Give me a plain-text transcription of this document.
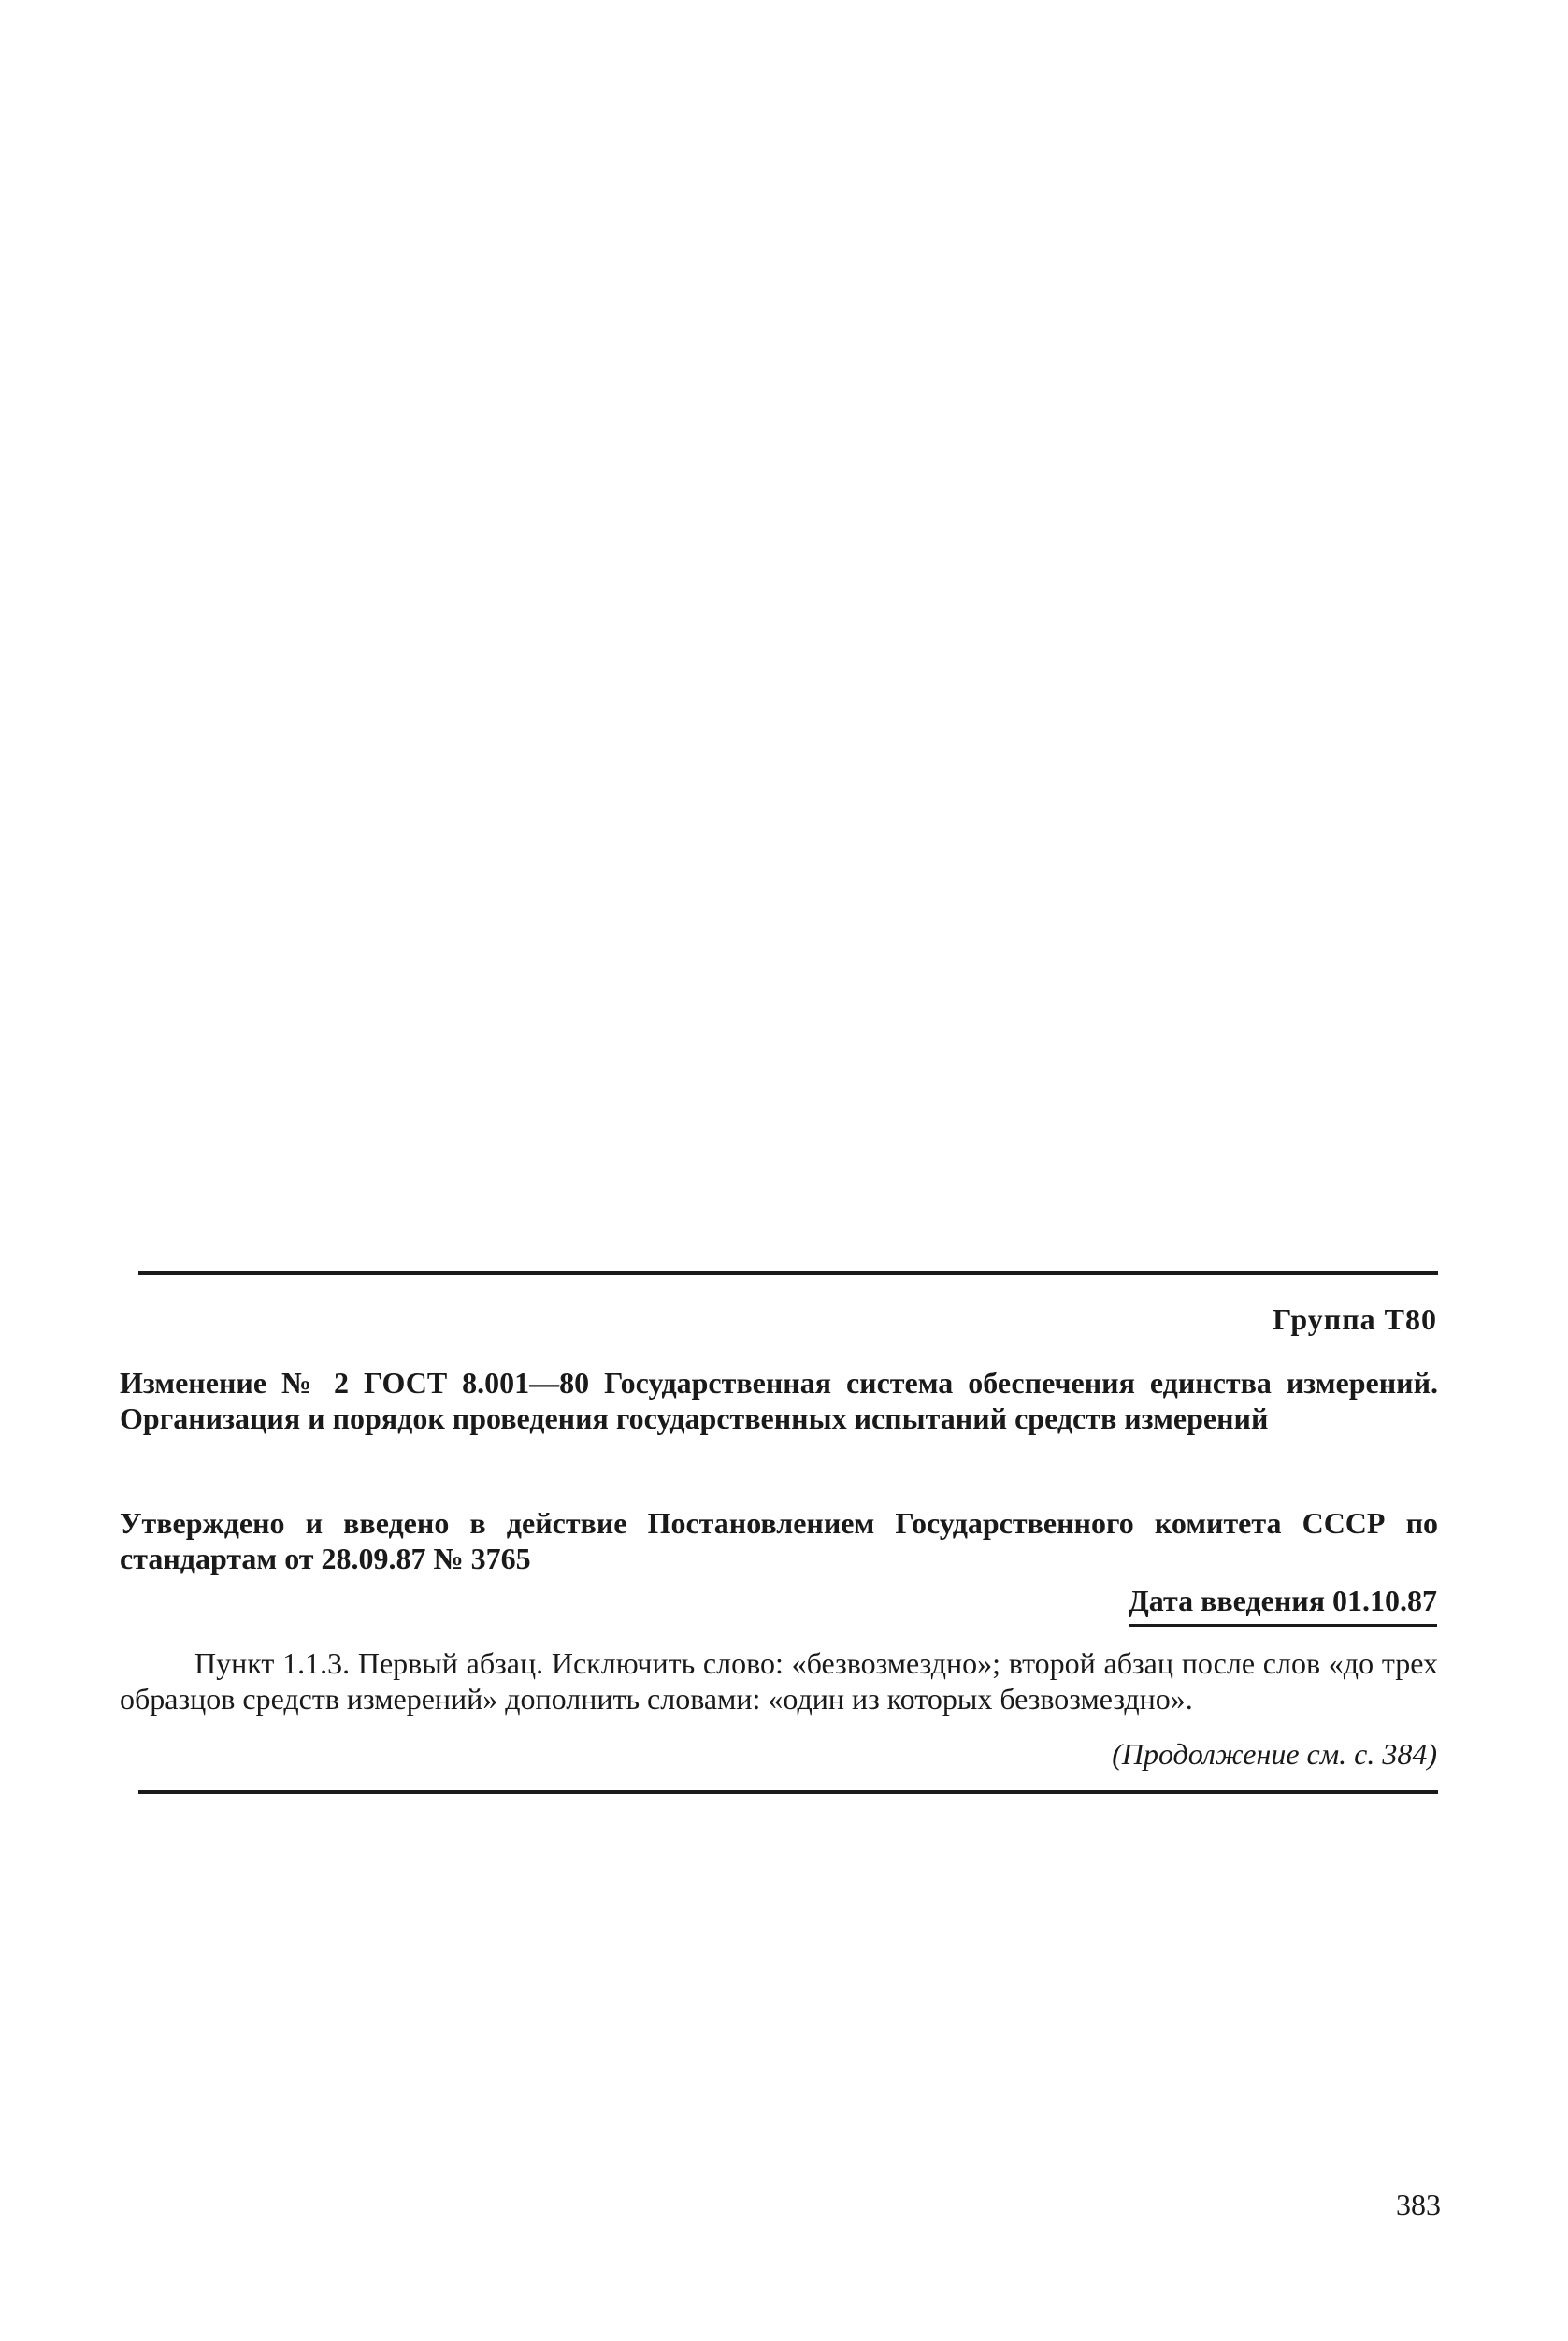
Группа Т80
Изменение № 2 ГОСТ 8.001—80 Государственная система обеспечения единства измерений. Организация и порядок проведения государственных испытаний средств измерений
Утверждено и введено в действие Постановлением Государственного комитета СССР по стандартам от 28.09.87 № 3765
Дата введения 01.10.87
Пункт 1.1.3. Первый абзац. Исключить слово: «безвозмездно»; второй абзац после слов «до трех образцов средств измерений» дополнить словами: «один из которых безвозмездно».
(Продолжение см. с. 384)
383
